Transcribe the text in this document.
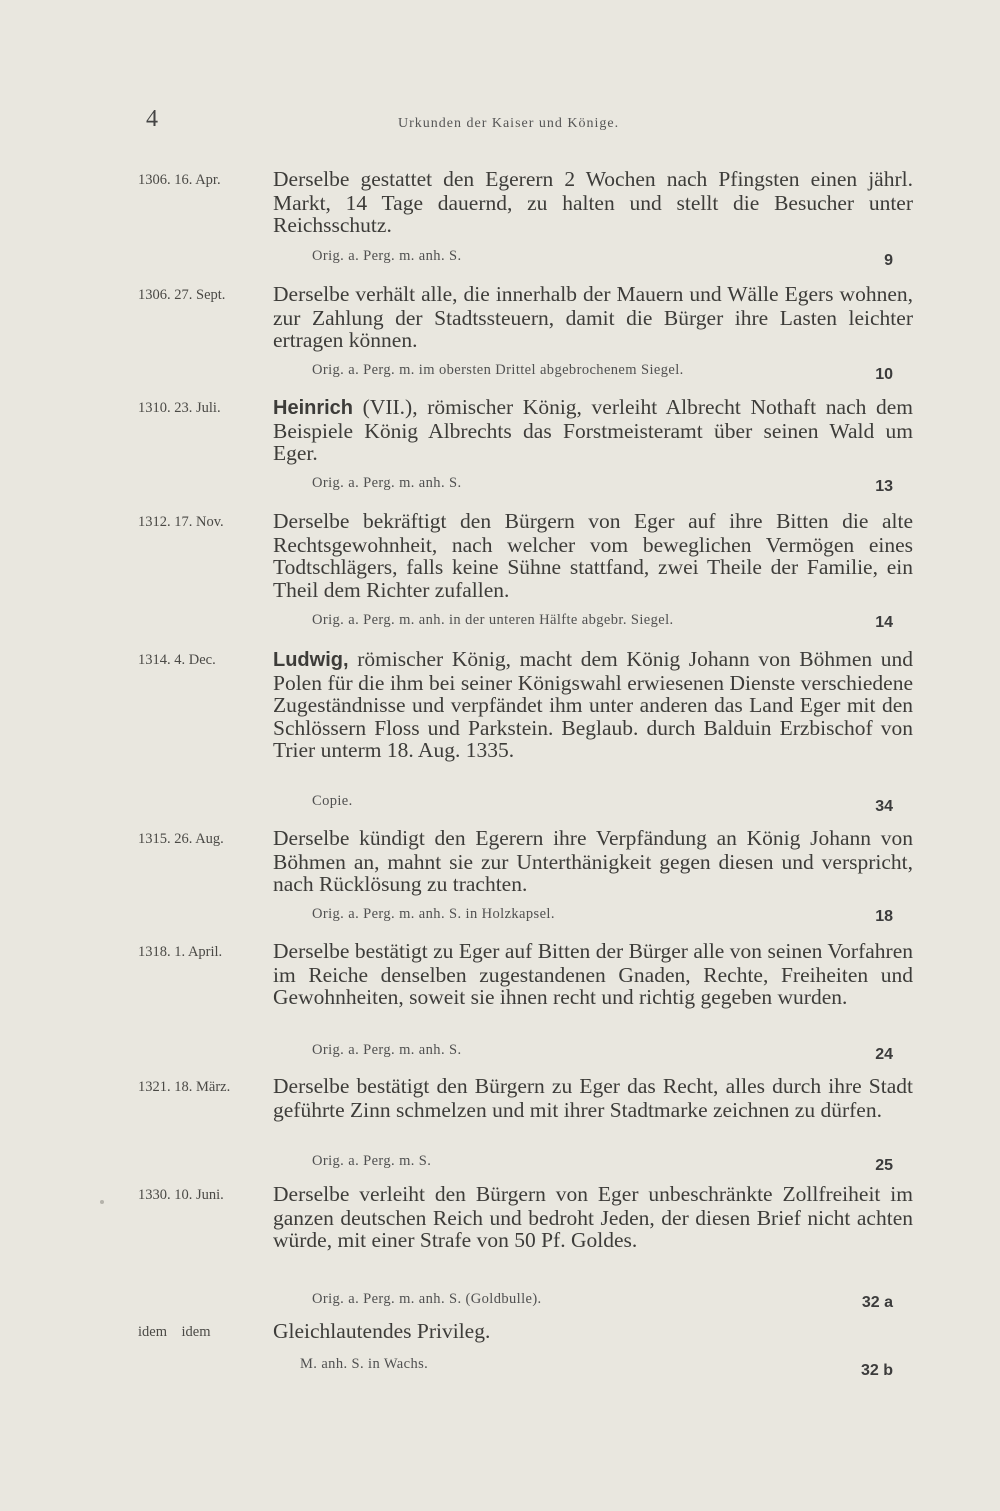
4	Urkunden der Kaiser und Könige.
1306. 16. Apr. Derselbe gestattet den Egerern 2 Wochen nach Pfingsten einen jährl. Markt, 14 Tage dauernd, zu halten und stellt die Besucher unter Reichsschutz.
Orig. a. Perg. m. anh. S.	9
1306. 27. Sept. Derselbe verhält alle, die innerhalb der Mauern und Wälle Egers wohnen, zur Zahlung der Stadtssteuern, damit die Bürger ihre Lasten leichter ertragen können.
Orig. a. Perg. m. im obersten Drittel abgebrochenem Siegel.	10
1310. 23. Juli.	Heinrich (VII.), römischer König, verleiht Albrecht Nothaft nach dem Beispiele König Albrechts das Forstmeisteramt über seinen Wald um Eger.
Orig. a. Perg. m. anh. S.	13
1312. 17. Nov. Derselbe bekräftigt den Bürgern von Eger auf ihre Bitten die alte Rechtsgewohnheit, nach welcher vom beweglichen Vermögen eines Todtschlägers, falls keine Sühne stattfand, zwei Theile der Familie, ein Theil dem Richter zufallen.
Orig. a. Perg. m. anh. in der unteren Hälfte abgebr. Siegel.	14
1314. 4. Dec.	Ludwig, römischer König, macht dem König Johann von Böhmen und Polen für die ihm bei seiner Königswahl erwiesenen Dienste verschiedene Zugeständnisse und verpfändet ihm unter anderen das Land Eger mit den Schlössern Floss und Parkstein. Beglaub. durch Balduin Erzbischof von Trier unterm 18. Aug. 1335.
Copie.	34
1315. 26. Aug. Derselbe kündigt den Egerern ihre Verpfändung an König Johann von Böhmen an, mahnt sie zur Unterthänigkeit gegen diesen und verspricht, nach Rücklösung zu trachten.
Orig. a. Perg. m. anh. S. in Holzkapsel.	18
1318. 1. April. Derselbe bestätigt zu Eger auf Bitten der Bürger alle von seinen Vorfahren im Reiche denselben zugestandenen Gnaden, Rechte, Freiheiten und Gewohnheiten, soweit sie ihnen recht und richtig gegeben wurden.
Orig. a. Perg. m. anh. S.	24
1321. 18. März. Derselbe bestätigt den Bürgern zu Eger das Recht, alles durch ihre Stadt geführte Zinn schmelzen und mit ihrer Stadtmarke zeichnen zu dürfen.
Orig. a. Perg. m. S.	25
1330. 10. Juni. Derselbe verleiht den Bürgern von Eger unbeschränkte Zollfreiheit im ganzen deutschen Reich und bedroht Jeden, der diesen Brief nicht achten würde, mit einer Strafe von 50 Pf. Goldes.
Orig. a. Perg. m. anh. S. (Goldbulle).	32 a
idem    idem	Gleichlautendes Privileg.
M. anh. S. in Wachs.	32 b
